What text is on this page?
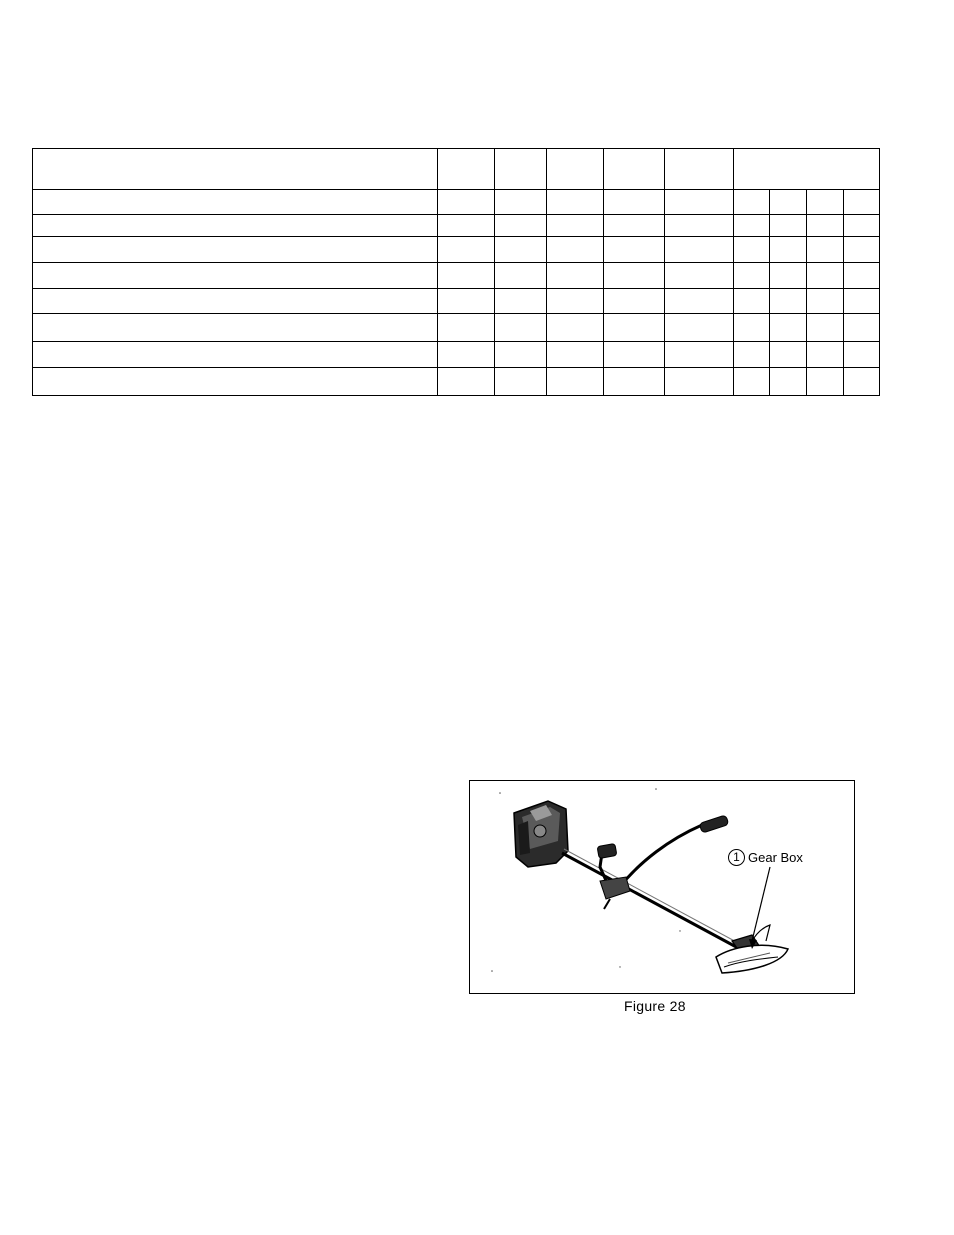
1 Gear Box
Figure 28
